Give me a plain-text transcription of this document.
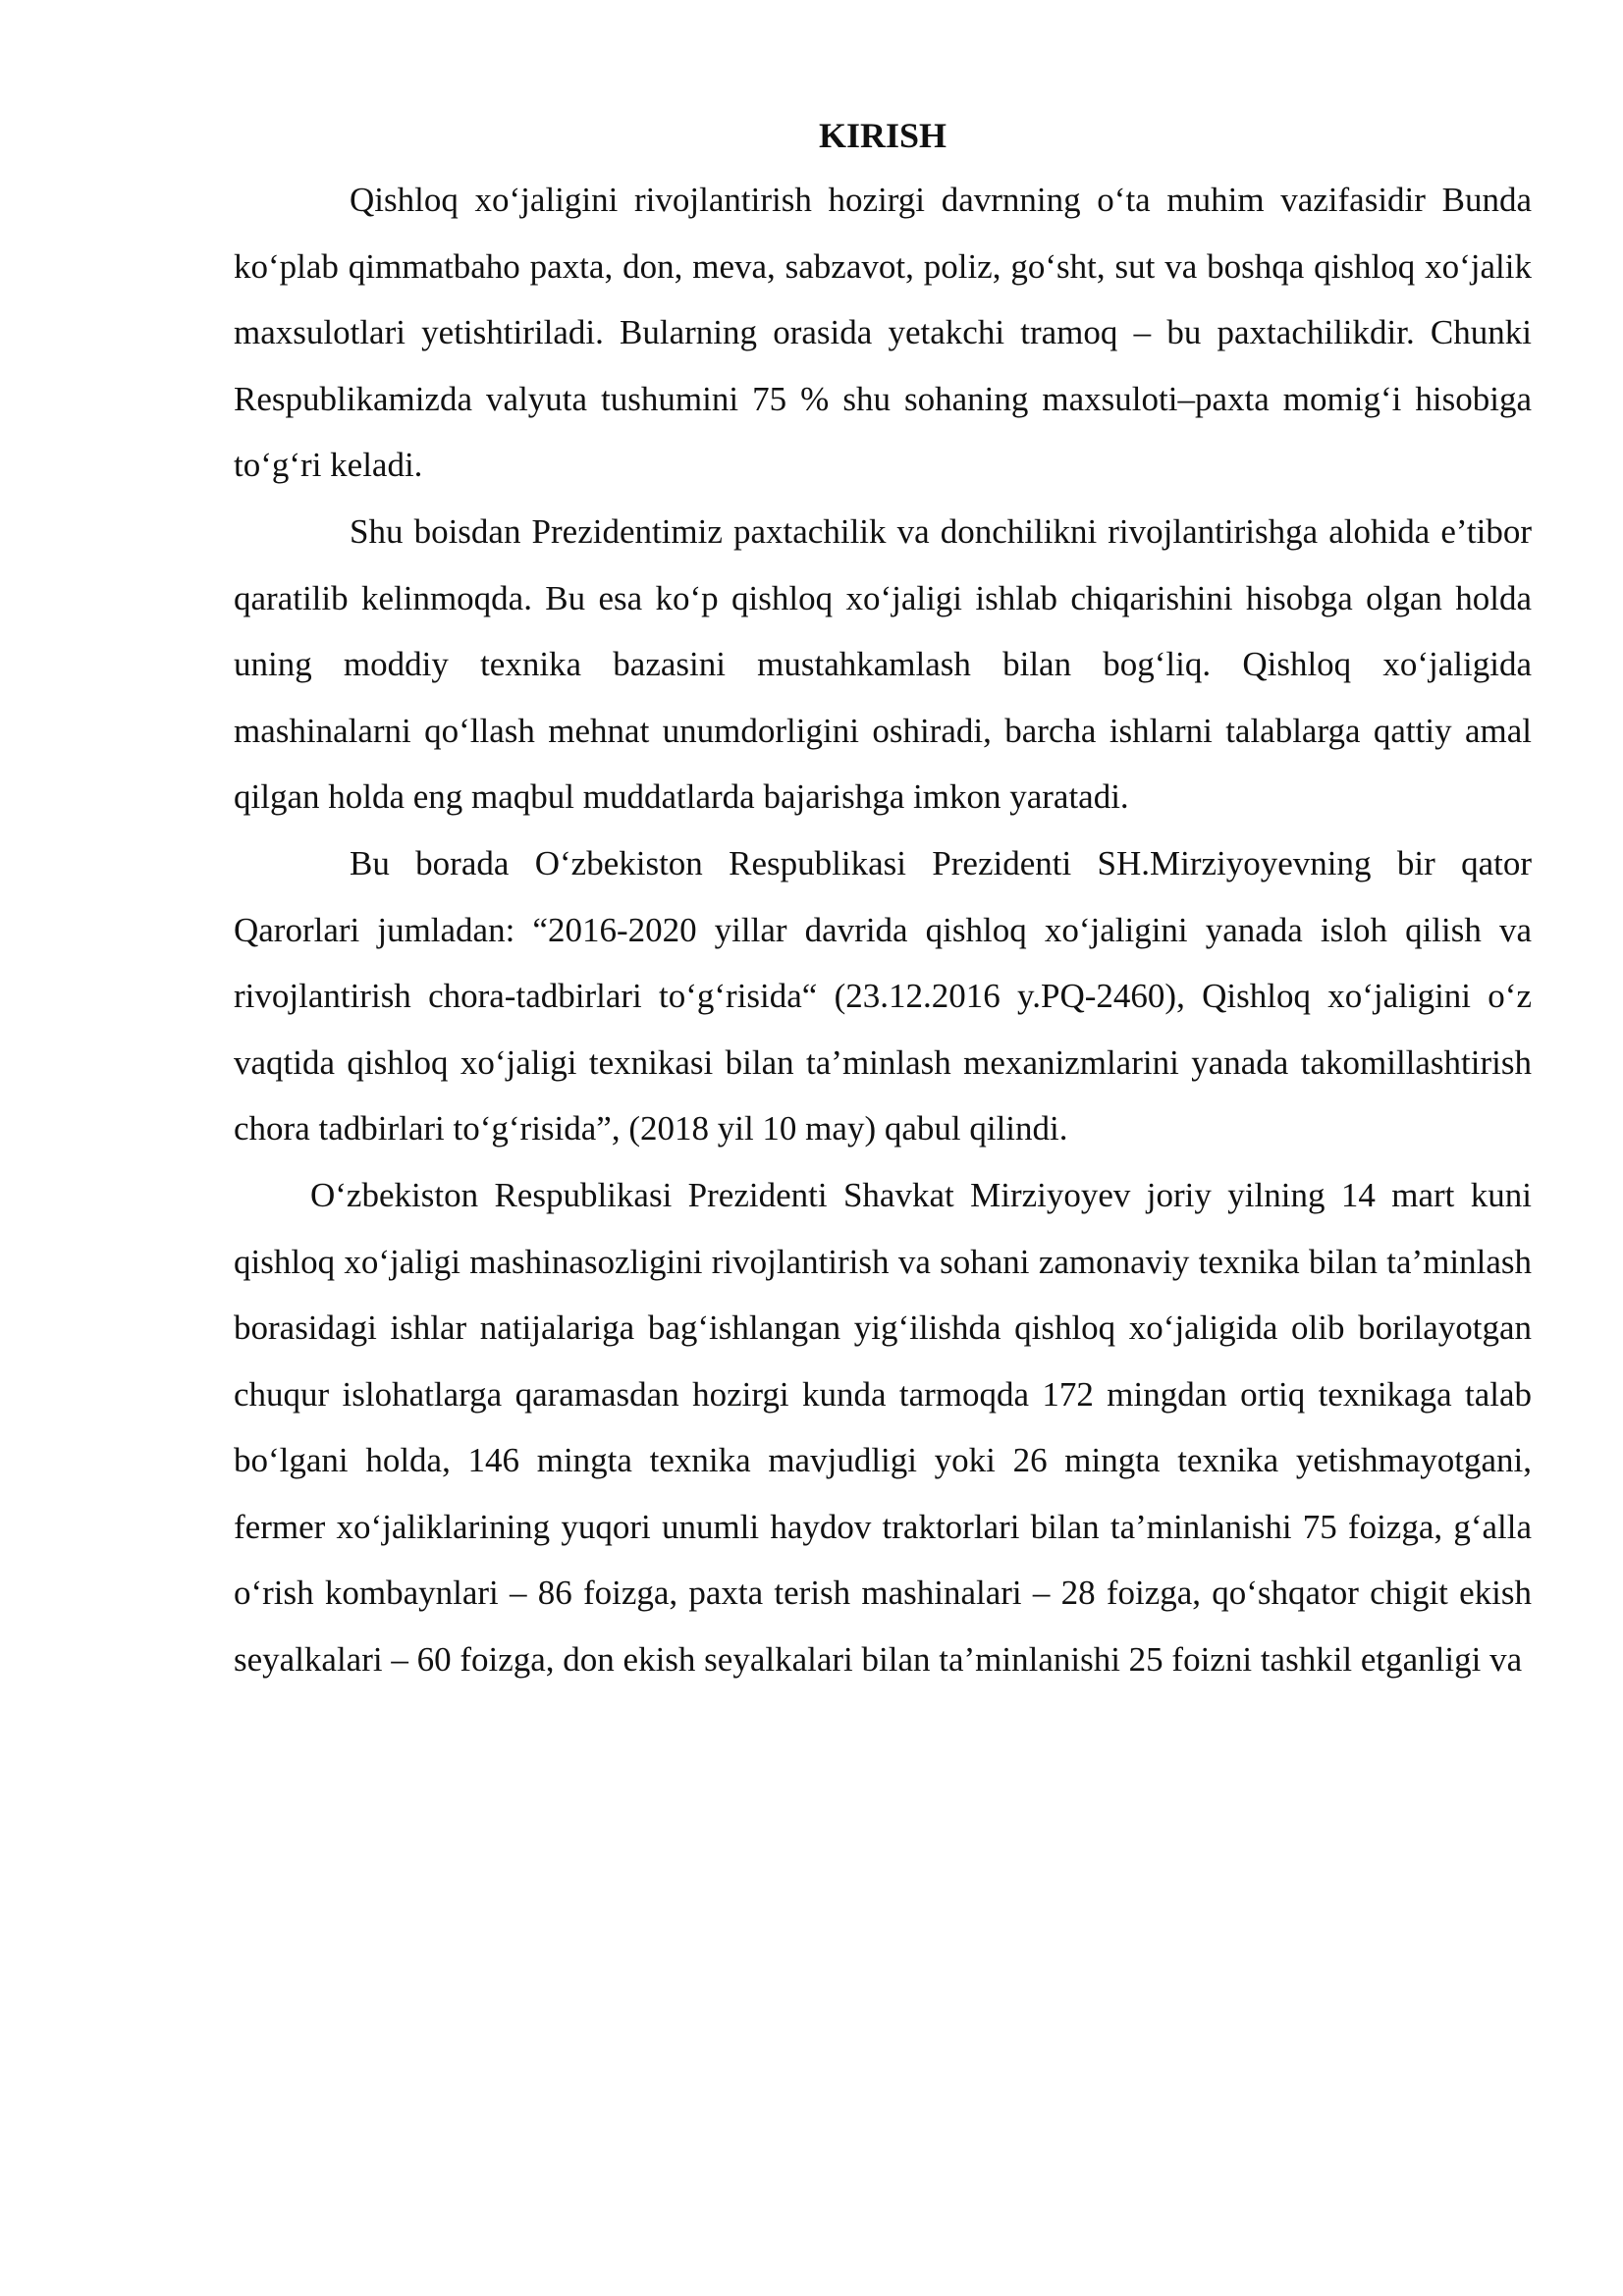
KIRISH

Qishloq xo‘jaligini rivojlantirish hozirgi davrnning o‘ta muhim vazifasidir Bunda ko‘plab qimmatbaho paxta, don, meva, sabzavot, poliz, go‘sht, sut va boshqa qishloq xo‘jalik maxsulotlari yetishtiriladi. Bularning orasida yetakchi tramoq – bu paxtachilikdir. Chunki Respublikamizda valyuta tushumini 75 % shu sohaning maxsuloti–paxta momig‘i hisobiga to‘g‘ri keladi.

Shu boisdan Prezidentimiz paxtachilik va donchilikni rivojlantirishga alohida e’tibor qaratilib kelinmoqda. Bu esa ko‘p qishloq xo‘jaligi ishlab chiqarishini hisobga olgan holda uning moddiy texnika bazasini mustahkamlash bilan bog‘liq. Qishloq xo‘jaligida mashinalarni qo‘llash mehnat unumdorligini oshiradi, barcha ishlarni talablarga qattiy amal qilgan holda eng maqbul muddatlarda bajarishga imkon yaratadi.

Bu borada O‘zbekiston Respublikasi Prezidenti SH.Mirziyoyevning bir qator Qarorlari jumladan: “2016-2020 yillar davrida qishloq xo‘jaligini yanada isloh qilish va rivojlantirish chora-tadbirlari to‘g‘risida“ (23.12.2016 y.PQ-2460), Qishloq xo‘jaligini o‘z vaqtida qishloq xo‘jaligi texnikasi bilan ta’minlash mexanizmlarini yanada takomillashtirish chora tadbirlari to‘g‘risida”, (2018 yil 10 may) qabul qilindi.

O‘zbekiston Respublikasi Prezidenti Shavkat Mirziyoyev joriy yilning 14 mart kuni qishloq xo‘jaligi mashinasozligini rivojlantirish va sohani zamonaviy texnika bilan ta’minlash borasidagi ishlar natijalariga bag‘ishlangan yig‘ilishda qishloq xo‘jaligida olib borilayotgan chuqur islohatlarga qaramasdan hozirgi kunda tarmoqda 172 mingdan ortiq texnikaga talab bo‘lgani holda, 146 mingta texnika mavjudligi yoki 26 mingta texnika yetishmayotgani, fermer xo‘jaliklarining yuqori unumli haydov traktorlari bilan ta’minlanishi 75 foizga, g‘alla o‘rish kombaynlari – 86 foizga, paxta terish mashinalari – 28 foizga, qo‘shqator chigit ekish seyalkalari – 60 foizga, don ekish seyalkalari bilan ta’minlanishi 25 foizni tashkil etganligi va
